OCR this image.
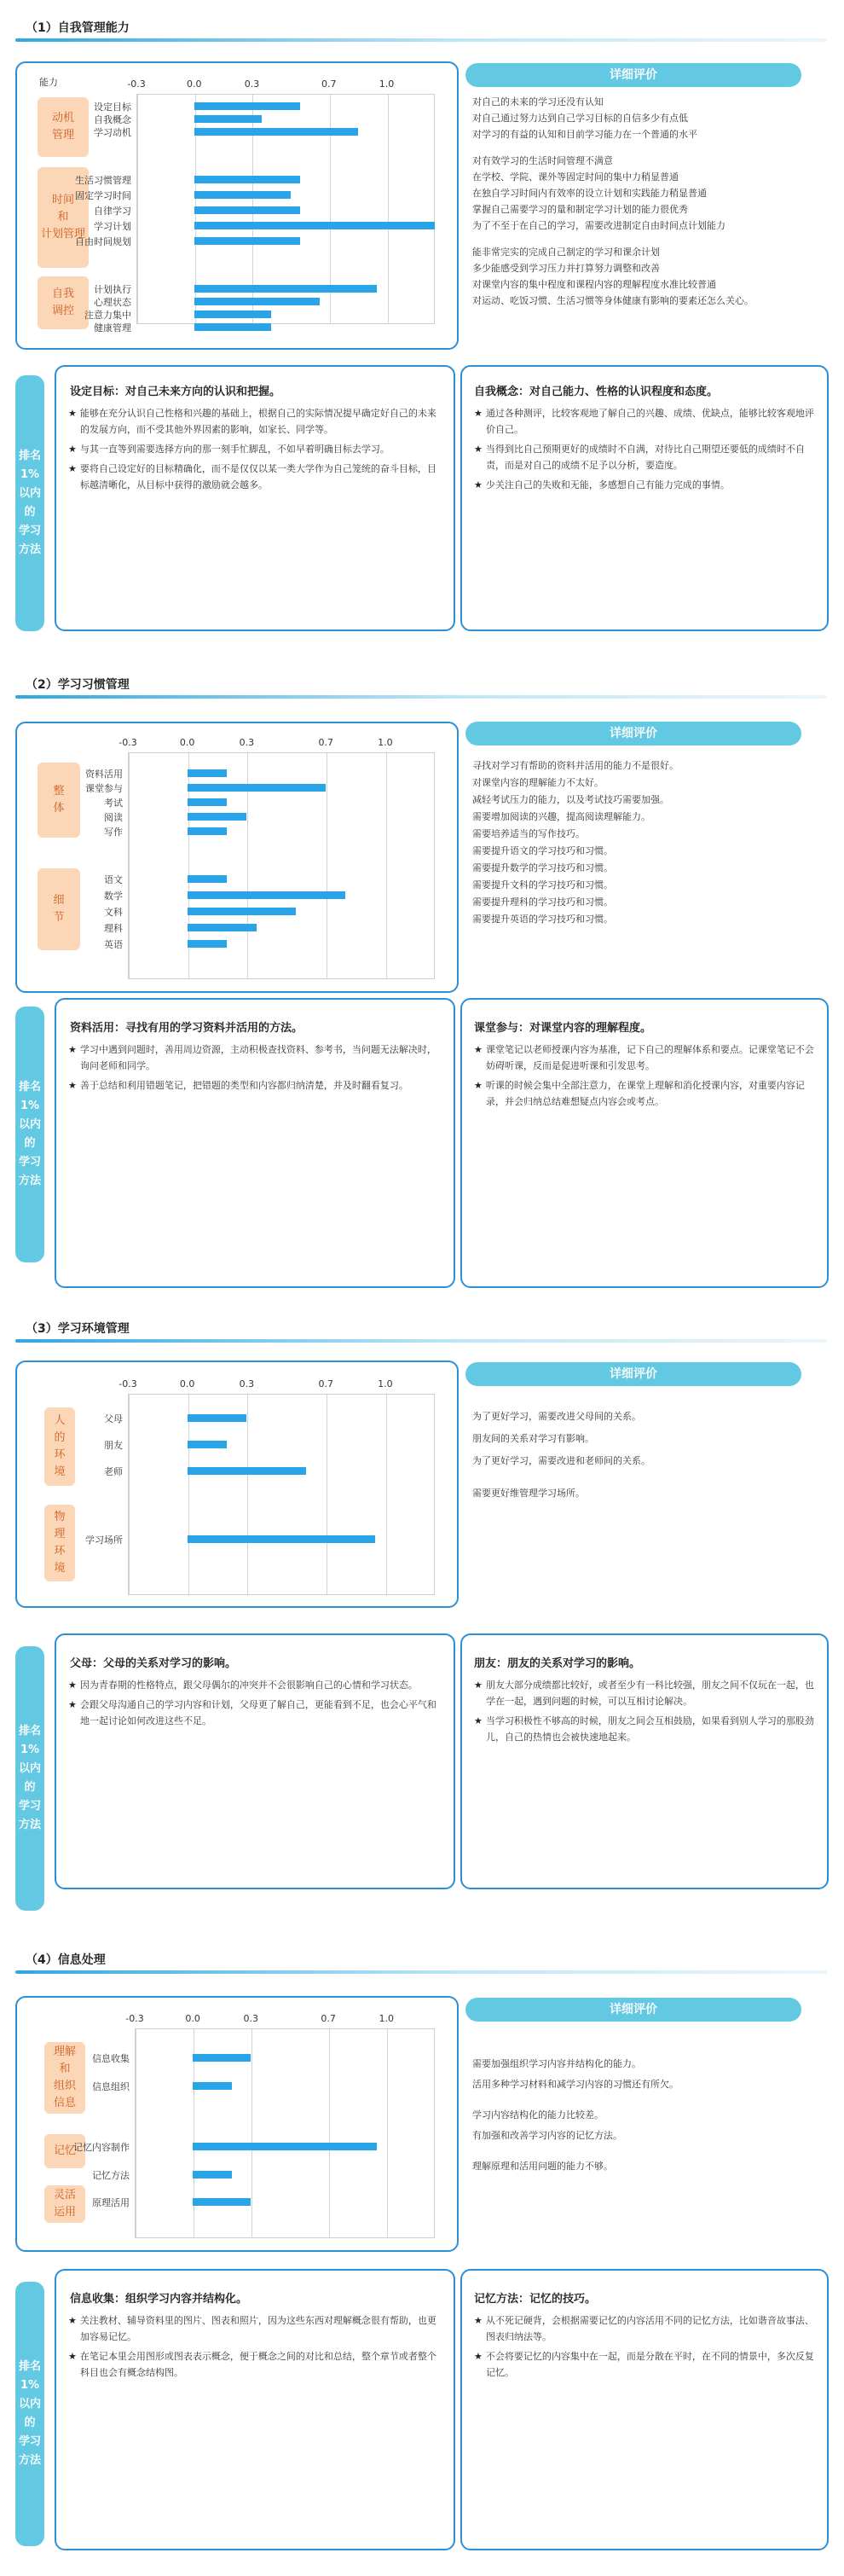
（1）自我管理能力
能力	-0.3	0.0	0.3	0.7	1.0
动机
管理
设定目标
自我概念
学习动机
时间
和
计划管理
生活习惯管理
固定学习时间
自律学习
学习计划
自由时间规划
自我
调控
计划执行
心理状态
注意力集中
健康管理
详细评价
对自己的未来的学习还没有认知
对自己通过努力达到自己学习目标的自信多少有点低
对学习的有益的认知和目前学习能力在一个普通的水平
对有效学习的生活时间管理不满意
在学校、学院、课外等固定时间的集中力稍显普通
在独自学习时间内有效率的设立计划和实践能力稍显普通
掌握自己需要学习的量和制定学习计划的能力很优秀
为了不至于在自己的学习，需要改进制定自由时间点计划能力
能非常完实的完成自己制定的学习和课余计划
多少能感受到学习压力并打算努力调整和改善
对课堂内容的集中程度和课程内容的理解程度水准比较普通
对运动、吃饭习惯、生活习惯等身体健康有影响的要素还怎么关心。
排名
1%
以内的
学习方法
设定目标：对自己未来方向的认识和把握。

★ 能够在充分认识自己性格和兴趣的基础上，根据自己的实际情况提早确定好自己的未来的发展方向，而不受其他外界因素的影响，如家长、同学等。

★ 与其一直等到需要选择方向的那一刻手忙脚乱，不如早着明确目标去学习。

★ 要将自己设定好的目标精确化，而不是仅仅以某一类大学作为自己笼统的奋斗目标，目标越清晰化，从目标中获得的激励就会越多。

自我概念：对自己能力、性格的认识程度和态度。

★ 通过各种测评，比较客观地了解自己的兴趣、成绩、优缺点，能够比较客观地评价自己。

★ 当得到比自己预期更好的成绩时不自满，对待比自己期望还要低的成绩时不自责，而是对自己的成绩不足予以分析，要造度。

★ 少关注自己的失败和无能，多感想自己有能力完成的事情。

（2）学习习惯管理
-0.3	0.0	0.3	0.7	1.0
整
体
资料活用
课堂参与
考试
阅读
写作
细
节
语文
数学
文科
理科
英语
详细评价
寻找对学习有帮助的资料并活用的能力不是很好。
对课堂内容的理解能力不太好。
减轻考试压力的能力，以及考试技巧需要加强。
需要增加阅读的兴趣，提高阅读理解能力。
需要培养适当的写作技巧。
需要提升语文的学习技巧和习惯。
需要提升数学的学习技巧和习惯。
需要提升文科的学习技巧和习惯。
需要提升理科的学习技巧和习惯。
需要提升英语的学习技巧和习惯。
排名
1%
以内的
学习方法
资料活用：寻找有用的学习资料并活用的方法。

★ 学习中遇到问题时，善用周边资源，主动积极查找资料、参考书，当问题无法解决时，询问老师和同学。

★ 善于总结和利用错题笔记，把错题的类型和内容都归纳清楚，并及时翻看复习。

课堂参与：对课堂内容的理解程度。

★ 课堂笔记以老师授课内容为基准，记下自己的理解体系和要点。记课堂笔记不会妨碍听课，反而是促进听课和引发思考。

★ 听课的时候会集中全部注意力，在课堂上理解和消化授课内容，对重要内容记录，并会归纳总结难想疑点内容会或考点。

（3）学习环境管理
-0.3	0.0	0.3	0.7	1.0
人
的
环
境
父母
朋友
老师
物
理
环
境
学习场所
详细评价
为了更好学习，需要改进父母间的关系。
朋友间的关系对学习有影响。
为了更好学习，需要改进和老师间的关系。
需要更好维管理学习场所。
排名
1%
以内的
学习方法
父母：父母的关系对学习的影响。

★ 因为青春期的性格特点，跟父母偶尔的冲突并不会很影响自己的心情和学习状态。

★ 会跟父母沟通自己的学习内容和计划，父母更了解自己，更能看到不足，也会心平气和地一起讨论如何改进这些不足。

朋友：朋友的关系对学习的影响。

★ 朋友大部分成绩都比较好，或者至少有一科比较强，朋友之间不仅玩在一起，也学在一起，遇到问题的时候，可以互相讨论解决。

★ 当学习积极性不够高的时候，朋友之间会互相鼓励，如果看到别人学习的那股劲儿，自己的热情也会被快速地起来。

（4）信息处理
-0.3	0.0	0.3	0.7	1.0
理解
和
组织
信息
信息收集
信息组织
记忆
记忆内容制作
记忆方法
灵活
运用
原理活用
详细评价
需要加强组织学习内容并结构化的能力。
活用多种学习材料和减学习内容的习惯还有所欠。
学习内容结构化的能力比较差。
有加强和改善学习内容的记忆方法。
理解原理和活用问题的能力不够。
排名
1%
以内的
学习方法
信息收集：组织学习内容并结构化。

★ 关注教材、辅导资料里的图片、图表和照片，因为这些东西对理解概念很有帮助，也更加容易记忆。

★ 在笔记本里会用图形或图表表示概念，便于概念之间的对比和总结，整个章节或者整个科目也会有概念结构图。

记忆方法：记忆的技巧。

★ 从不死记硬背，会根据需要记忆的内容活用不同的记忆方法，比如谐音故事法、图表归纳法等。

★ 不会将要记忆的内容集中在一起，而是分散在平时，在不同的情景中，多次反复记忆。
